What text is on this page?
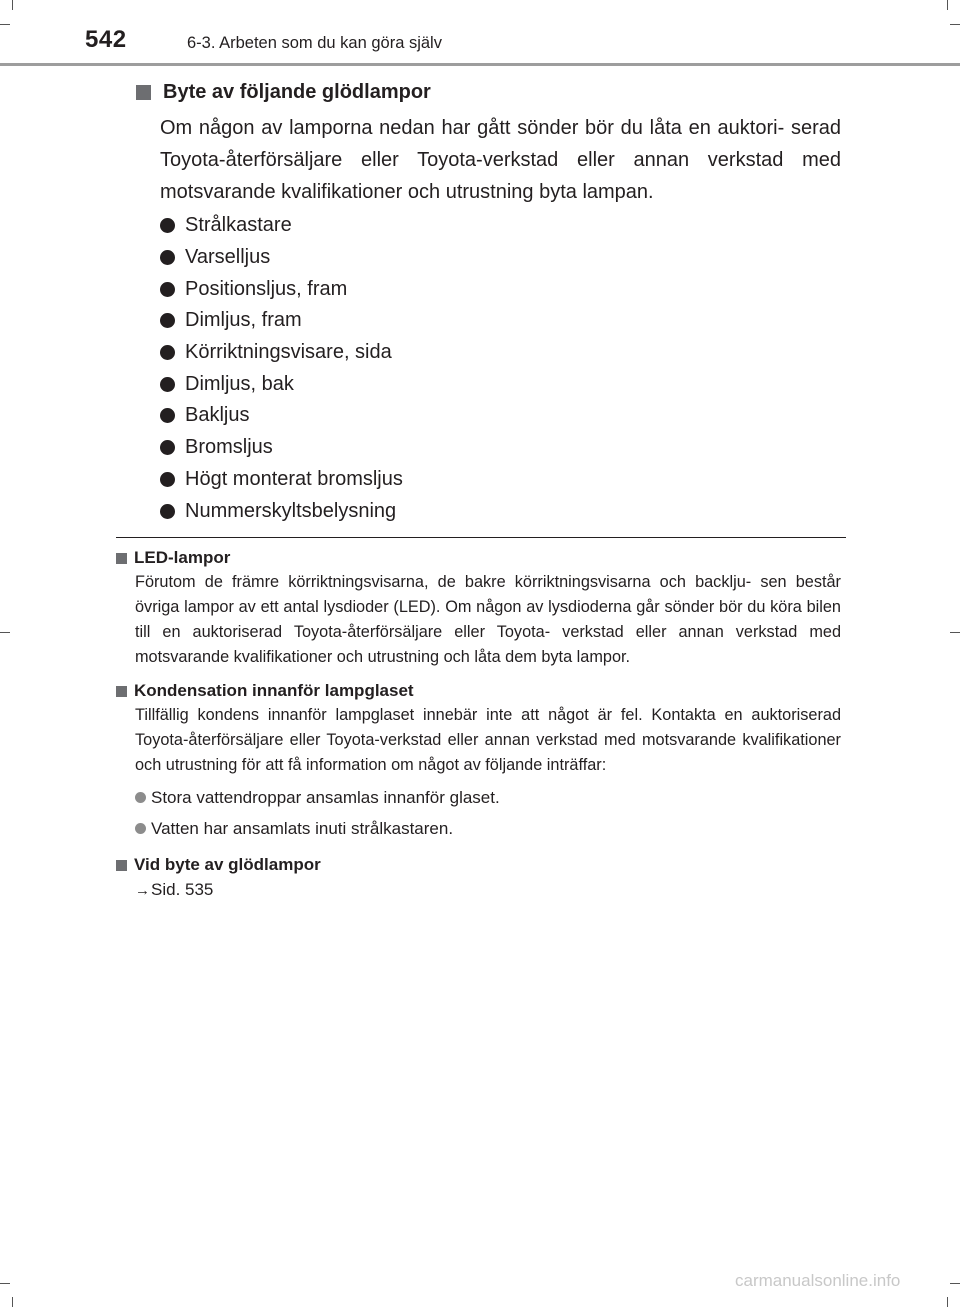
542	6-3. Arbeten som du kan göra själv
Byte av följande glödlampor
Om någon av lamporna nedan har gått sönder bör du låta en auktori- serad Toyota-återförsäljare eller Toyota-verkstad eller annan verkstad med motsvarande kvalifikationer och utrustning byta lampan.
Strålkastare
Varselljus
Positionsljus, fram
Dimljus, fram
Körriktningsvisare, sida
Dimljus, bak
Bakljus
Bromsljus
Högt monterat bromsljus
Nummerskyltsbelysning
LED-lampor
Förutom de främre körriktningsvisarna, de bakre körriktningsvisarna och backlju- sen består övriga lampor av ett antal lysdioder (LED). Om någon av lysdioderna går sönder bör du köra bilen till en auktoriserad Toyota-återförsäljare eller Toyota- verkstad eller annan verkstad med motsvarande kvalifikationer och utrustning och låta dem byta lampor.
Kondensation innanför lampglaset
Tillfällig kondens innanför lampglaset innebär inte att något är fel. Kontakta en auktoriserad Toyota-återförsäljare eller Toyota-verkstad eller annan verkstad med motsvarande kvalifikationer och utrustning för att få information om något av följande inträffar:
Stora vattendroppar ansamlas innanför glaset.
Vatten har ansamlats inuti strålkastaren.
Vid byte av glödlampor
→Sid. 535
carmanualsonline.info
